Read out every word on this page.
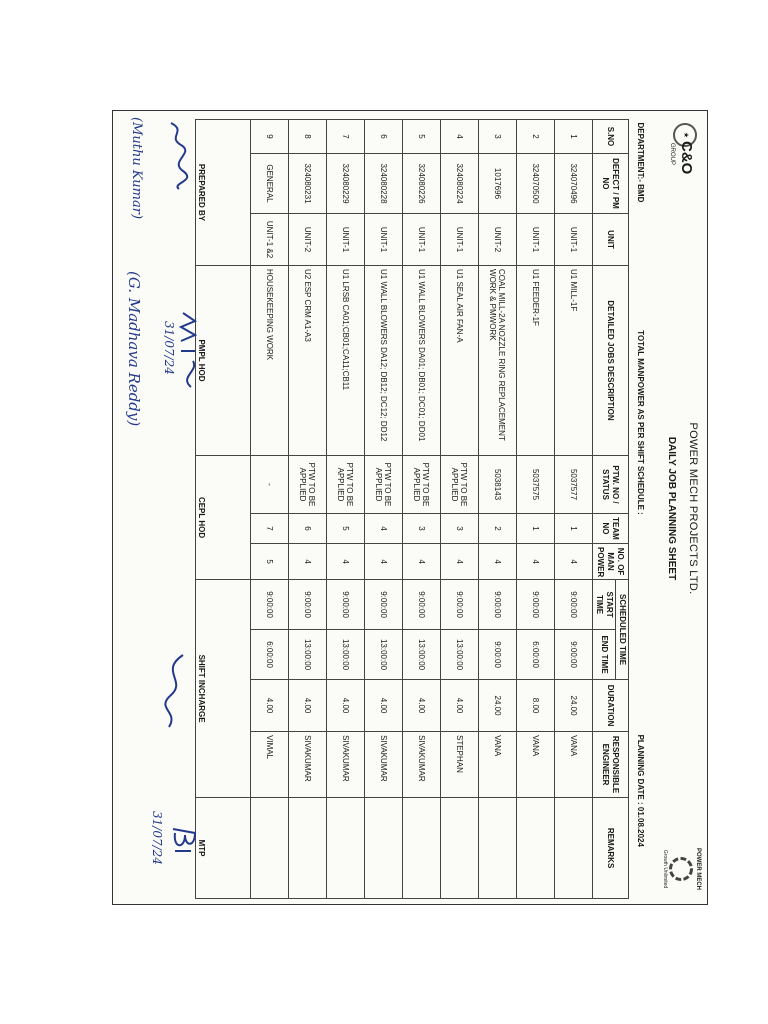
★
C&O
GROUP
POWER MECH PROJECTS LTD.
DAILY JOB PLANNING SHEET
POWER MECH
Growth Unlimited
DEPARTMENT:- BMD			TOTAL MANPOWER AS PER SHIFT SCHEDULE :							PLANNING DATE : 01.08.2024	
S.NO	DEFECT / PM NO	UNIT	DETAILED JOBS DESCRIPTION	PTW. NO / STATUS	TEAM NO	NO. OF MAN POWER	SCHEDULED TIME		DURATION	RESPONSIBLE ENGINEER	REMARKS
							START TIME	END TIME			
1	324070496	UNIT-1	U1 MILL-1F	5037577	1	4	9:00:00	9:00:00	24.00	VANA	
2	324070500	UNIT-1	U1 FEEDER-1F	5037575	1	4	9:00:00	6:00:00	8.00	VANA	
3	1017696	UNIT-2	COAL MILL-2A NOZZLE RING REPLACEMENT WORK & PMWORK	5038143	2	4	9:00:00	9:00:00	24.00	VANA	
4	324080224	UNIT-1	U1 SEAL AIR FAN-A	PTW TO BE APPLIED	3	4	9:00:00	13:00:00	4.00	STEPHAN	
5	324080226	UNIT-1	U1 WALL BLOWERS DA01; DB01; DC01; DD01	PTW TO BE APPLIED	3	4	9:00:00	13:00:00	4.00	SIVAKUMAR	
6	324080228	UNIT-1	U1 WALL BLOWERS DA12; DB12; DC12; DD12	PTW TO BE APPLIED	4	4	9:00:00	13:00:00	4.00	SIVAKUMAR	
7	324080229	UNIT-1	U1 LRSB CA01;CB01;CA11;CB11	PTW TO BE APPLIED	5	4	9:00:00	13:00:00	4.00	SIVAKUMAR	
8	324080231	UNIT-2	U2 ESP CRM A1-A3	PTW TO BE APPLIED	6	4	9:00:00	13:00:00	4.00	SIVAKUMAR	
9	GENERAL	UNIT-1 &2	HOUSEKEEPING WORK	-	7	5	9:00:00	6:00:00	4.00	VIMAL	
PREPARED BY			PMPL HOD	CEPL HOD			SHIFT INCHARGE				MTP
(Muthu Kumar)
31/07/24
(G. Madhava Reddy)
31/07/24
